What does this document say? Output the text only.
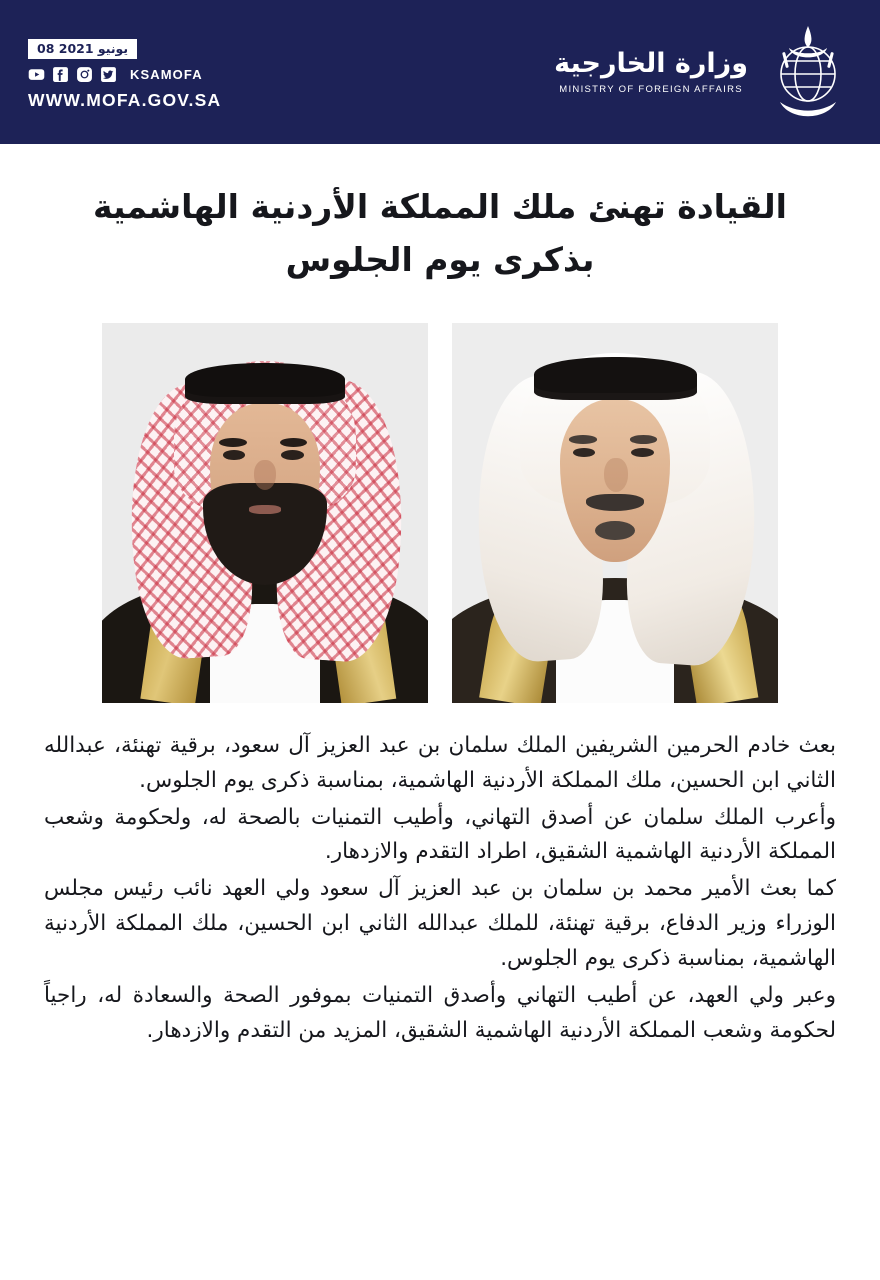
08 يونيو 2021
KSAMOFA
WWW.MOFA.GOV.SA
وزارة الخارجية
MINISTRY OF FOREIGN AFFAIRS
القيادة تهنئ ملك المملكة الأردنية الهاشمية بذكرى يوم الجلوس

بعث خادم الحرمين الشريفين الملك سلمان بن عبد العزيز آل سعود، برقية تهنئة، عبدالله الثاني ابن الحسين، ملك المملكة الأردنية الهاشمية، بمناسبة ذكرى يوم الجلوس.

وأعرب الملك سلمان عن أصدق التهاني، وأطيب التمنيات بالصحة له، ولحكومة وشعب المملكة الأردنية الهاشمية الشقيق، اطراد التقدم والازدهار.

كما بعث الأمير محمد بن سلمان بن عبد العزيز آل سعود ولي العهد نائب رئيس مجلس الوزراء وزير الدفاع، برقية تهنئة، للملك عبدالله الثاني ابن الحسين، ملك المملكة الأردنية الهاشمية، بمناسبة ذكرى يوم الجلوس.

وعبر ولي العهد، عن أطيب التهاني وأصدق التمنيات بموفور الصحة والسعادة له، راجياً لحكومة وشعب المملكة الأردنية الهاشمية الشقيق، المزيد من التقدم والازدهار.
